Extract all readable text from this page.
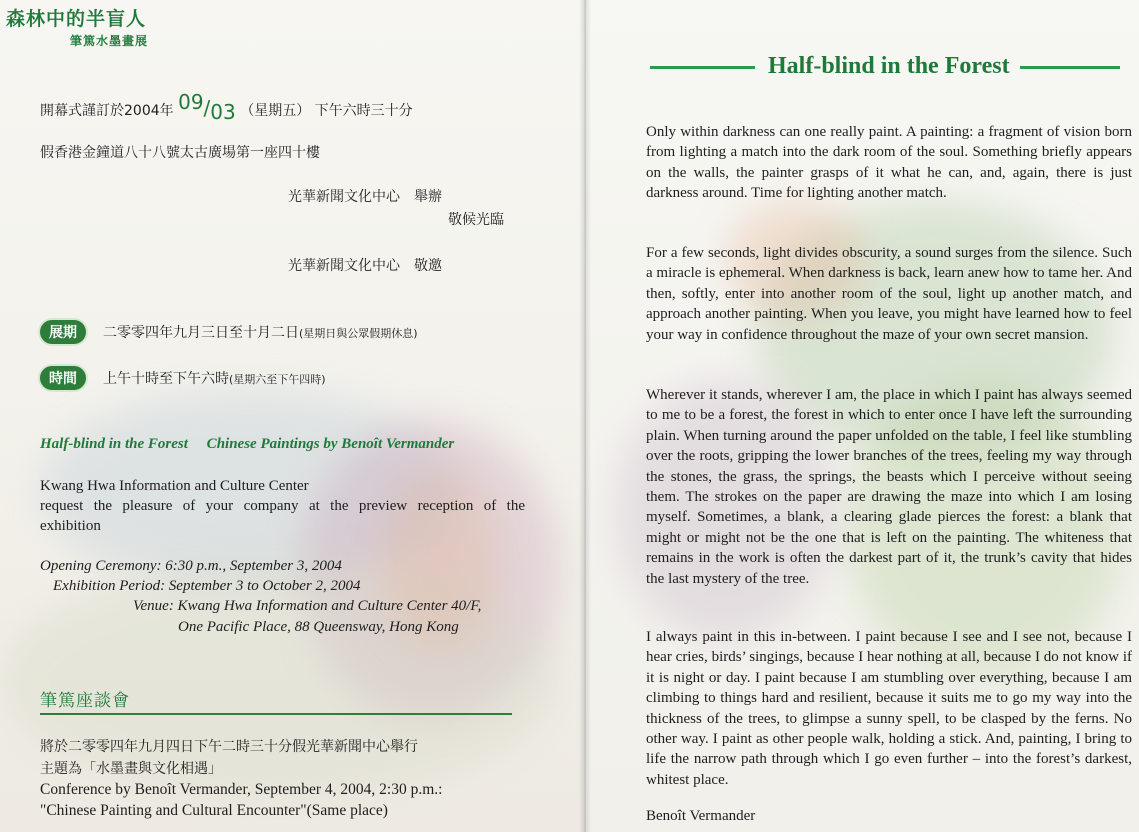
森林中的半盲人
筆篤水墨畫展
開幕式謹訂於2004年 09/03 （星期五） 下午六時三十分
假香港金鐘道八十八號太古廣場第一座四十樓
光華新聞文化中心　舉辦
敬候光臨
光華新聞文化中心　敬邀
展期	二零零四年九月三日至十月二日(星期日與公眾假期休息)
時間	上午十時至下午六時(星期六至下午四時)
Half-blind in the Forest     Chinese Paintings by Benoît Vermander
Kwang Hwa Information and Culture Center
request the pleasure of your company at the preview reception of the
exhibition
Opening Ceremony: 6:30 p.m., September 3, 2004
Exhibition Period: September 3 to October 2, 2004
Venue: Kwang Hwa Information and Culture Center 40/F,
One Pacific Place, 88 Queensway, Hong Kong
筆篤座談會
將於二零零四年九月四日下午二時三十分假光華新聞中心舉行
主題為「水墨畫與文化相遇」
Conference by Benoît Vermander, September 4, 2004, 2:30 p.m.:
"Chinese Painting and Cultural Encounter"(Same place)
Half-blind in the Forest

Only within darkness can one really paint. A painting: a fragment of vision born from lighting a match into the dark room of the soul. Something briefly appears on the walls, the painter grasps of it what he can, and, again, there is just darkness around. Time for lighting another match.

For a few seconds, light divides obscurity, a sound surges from the silence. Such a miracle is ephemeral. When darkness is back, learn anew how to tame her. And then, softly, enter into another room of the soul, light up another match, and approach another painting. When you leave, you might have learned how to feel your way in confidence throughout the maze of your own secret mansion.

Wherever it stands, wherever I am, the place in which I paint has always seemed to me to be a forest, the forest in which to enter once I have left the surrounding plain. When turning around the paper unfolded on the table, I feel like stumbling over the roots, gripping the lower branches of the trees, feeling my way through the stones, the grass, the springs, the beasts which I perceive without seeing them. The strokes on the paper are drawing the maze into which I am losing myself. Sometimes, a blank, a clearing glade pierces the forest: a blank that might or might not be the one that is left on the painting. The whiteness that remains in the work is often the darkest part of it, the trunk’s cavity that hides the last mystery of the tree.

I always paint in this in-between. I paint because I see and I see not, because I hear cries, birds’ singings, because I hear nothing at all, because I do not know if it is night or day. I paint because I am stumbling over everything, because I am climbing to things hard and resilient, because it suits me to go my way into the thickness of the trees, to glimpse a sunny spell, to be clasped by the ferns. No other way. I paint as other people walk, holding a stick. And, painting, I bring to life the narrow path through which I go even further – into the forest’s darkest, whitest place.

Benoît Vermander
